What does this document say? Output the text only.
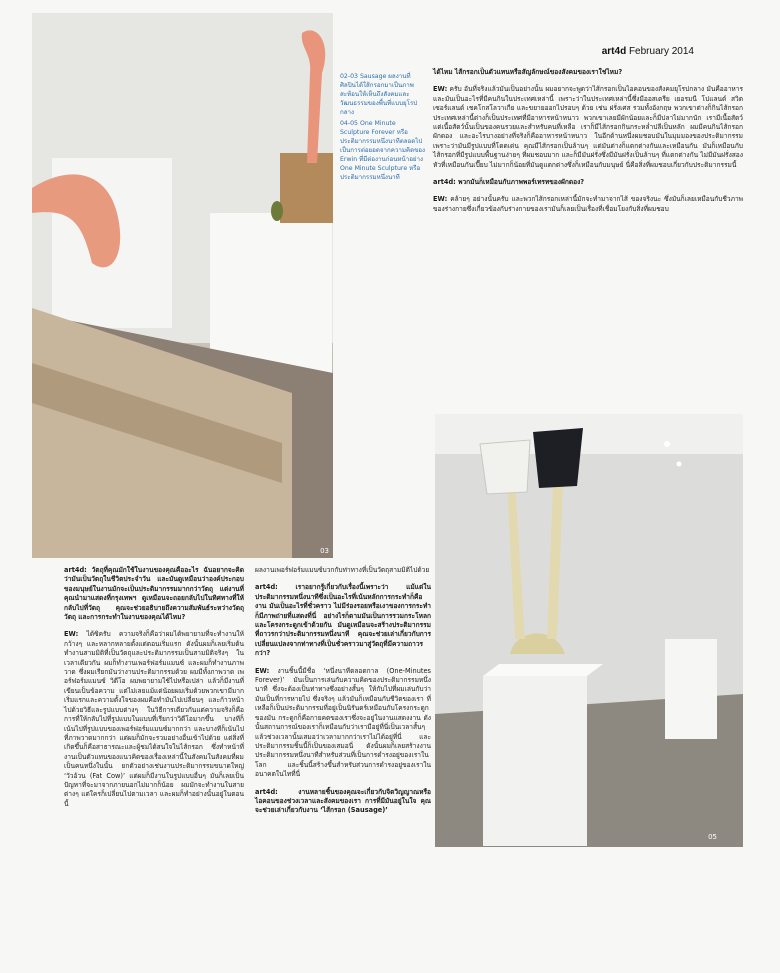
art4d February 2014
03

02-03 Sausage ผลงานที่ศิลปินได้ใส้กรอกมาเป็นภาพสะท้อนให้เห็นถึงสังคมและวัฒนธรรมของพื้นที่แบบยุโรปกลาง

04-05 One Minute Sculpture Forever หรือ ประติมากรรมหนึ่งนาทีตลอดไป เป็นการต่อยอดจากความคิดของ Erwin ที่มีต่องานก่อนหน้าอย่าง One Minute Sculpture หรือ ประติมากรรมหนึ่งนาที

ได้ไหม ไส้กรอกเป็นตัวแทนหรือสัญลักษณ์ของสังคมของเราใช่ไหม?

EW: ครับ อันที่จริงแล้วมันเป็นอย่างนั้น ผมอยากจะพูดว่าไส้กรอกเป็นไอคอนของสังคมยุโรปกลาง มันคืออาหาร และมันเป็นอะไรที่มีคนกินในประเทศเหล่านี้ เพราะว่าในประเทศเหล่านี้ซึ่งมีออสเตรีย เยอรมนี โปแลนด์ สวิตเซอร์แลนด์ เชคโกสโลวาเกีย และขยายออกไปรอบๆ ด้วย เช่น ฝรั่งเศส รวมทั้งอังกฤษ พวกเขาต่างก็กินไส้กรอก ประเทศเหล่านี้ต่างก็เป็นประเทศที่มีอาหารหน้าหนาว พวกเขาเลยมีผักน้อยและก็มีปลาไม่มากนัก เรามีเนื้อสัตว์แต่เนื้อสัตว์นั้นเป็นของคนรวยและสำหรับคนที่เหลือ เราก็มีไส้กรอกกินกระหล่ำปลีเป็นหลัก ผมมีคนกินไส้กรอก ผักดอง และอะไรบางอย่างที่จริงก็คืออาหารหน้าหนาว ในอีกด้านหนึ่งผมชอบมันในมุมมองของประติมากรรม เพราะว่ามันมีรูปแบบที่โดดเด่น คุณมีไส้กรอกเป็นล้านๆ แต่มันต่างก็แตกต่างกันและเหมือนกัน มันก็เหมือนกับไส้กรอกที่มีรูปแบบพื้นฐานง่ายๆ ที่ผมชอบมาก และก็มีมันฝรั่งซึ่งมีมันฝรั่งเป็นล้านๆ ที่แตกต่างกัน ไม่มีมันฝรั่งสองหัวที่เหมือนกันเปี๊ยบ ไม่มากก็น้อยที่มันดูแตกต่างซึ่งก็เหมือนกับมนุษย์ นี่คือสิ่งที่ผมชอบเกี่ยวกับประติมากรรมนี้

art4d: พวกมันก็เหมือนกับภาพพอร์เทรทของผักดอง?

EW: คล้ายๆ อย่างนั้นครับ และพวกไส้กรอกเหล่านี้มักจะทำมาจากไส้ ของจริงนะ ซึ่งมันก็เลยเหมือนกับชีวภาพของร่างกายซึ่งเกี่ยวข้องกับร่างกายของเรามันก็เลยเป็นเรื่องที่เชื่อมโยงกับสิ่งที่ผมชอบ

05

art4d: วัตถุที่คุณมักใช้ในงานของคุณคืออะไร ฉันอยากจะคิดว่ามันเป็นวัตถุในชีวิตประจำวัน และมันดูเหมือนว่าองค์ประกอบของมนุษย์ในงานมักจะเป็นประติมากรรมมากกว่าวัตถุ แต่งานที่คุณนำมาแสดงที่กรุงเทพฯ ดูเหมือนจะถอยกลับไปในทิศทางที่ให้กลับไปที่วัตถุ คุณจะช่วยอธิบายถึงความสัมพันธ์ระหว่างวัตถุ วัตถุ และการกระทำในงานของคุณได้ไหม?

EW: ได้ซิครับ ความจริงก็คือว่าผมได้พยายามที่จะทำงานให้กว้างๆ และหลากหลายตั้งแต่ตอนเริ่มแรก ดังนั้นผมก็เลยเริ่มต้นทำงานสามมิติที่เป็นวัตถุและประติมากรรมเป็นสามมิติจริงๆ ในเวลาเดียวกัน ผมก็ทำงานเพอร์ฟอร์มแมนซ์ และผมก็ทำงานภาพวาด ซึ่งผมเรียกมันว่างานประติมากรรมด้วย ผมมีทั้งภาพวาด เพอร์ฟอร์มแมนซ์ วิดีโอ ผมพยายามใช้ไปหรือเปล่า แล้วก็มีงานที่เขียนเป็นข้อความ แต่ไม่เลยแม้แต่น้อยผมเริ่มด้วยพวกเขามีมากเริ่มแรกและความตั้งใจของผมคือทำมันไปเปลี่ยนๆ และก้าวหน้าไปด้วยวิธีและรูปแบบต่างๆ ในวิธีการเดียวกันแต่ความจริงก็คือการที่ให้กลับไปที่รูปแบบในแบบที่เรียกว่าวิดีโอมากขึ้น บางทีก็เน้นไปที่รูปแบบของเพอร์ฟอร์มแมนซ์มากกว่า และบางทีก็เน้นไปที่ภาพวาดมากกว่า แต่ผมก็มักจะรวมอย่างอื่นเข้าไปด้วย แต่สิ่งที่เกิดขึ้นก็คือสาธารณะและผู้ชมได้สนใจในไส้กรอก ซึ่งทำหน้าที่งานเป็นตัวแทนของแนวคิดของเรื่องเหล่านี้ในสังคมในสังคมที่ผมเป็นคนหนึ่งในนั้น ยกตัวอย่างเช่นงานประติมากรรมขนาดใหญ่ ‘วัวอ้วน (Fat Cow)’ แต่ผมก็มีงานในรูปแบบอื่นๆ มันก็เลยเป็นปัญหาที่จะมาจากภายนอกไม่มากก็น้อย ผมมักจะทำงานในสายต่างๆ แต่ใครก็เปลี่ยนไปตามเวลา และผมก็ทำอย่างนั้นอยู่ในตอนนี้

ผลงานเพอร์ฟอร์มแมนซ์บวกกับท่าทางที่เป็นวัตถุสามมิติไปด้วย

art4d: เราอยากรู้เกี่ยวกับเรื่องนี้เพราะว่า แม้แต่ในประติมากรรมหนึ่งนาทีซึ่งเป็นอะไรที่เน้นหลักการกระทำก็คืองาน มันเป็นอะไรที่ชั่วคราว ไม่มีร่องรอยหรือเงาของการกระทำ ก็มีภาพถ่ายที่แสดงที่นี่ อย่างไรก็ตามมันเป็นการรวมกระโหลกและโครงกระดูกเข้าด้วยกัน มันดูเหมือนจะสร้างประติมากรรมที่ถาวรกว่าประติมากรรมหนึ่งนาที คุณจะช่วยเล่าเกี่ยวกับการเปลี่ยนแปลงจากท่าทางที่เป็นชั่วคราวมาสู่วัตถุที่มีความถาวรกว่า?

EW: งานชิ้นนี้มีชื่อ ‘หนึ่งนาทีตลอดกาล (One-Minutes Forever)’ มันเป็นการเล่นกับความคิดของประติมากรรมหนึ่งนาที ซึ่งจะต้องเป็นท่าทางซึ่งอย่างสั้นๆ ให้กับไปที่ผมเล่นกับว่ามันเป็นที่การหายไป ซึ่งจริงๆ แล้วมันก็เหมือนกับชีวิตของเรา ที่เหลือก็เป็นประติมากรรมที่อยู่เป็นนิรันดร์เหมือนกับโครงกระดูกของมัน กระดูกก็คือกายคตของเราซึ่งจะอยู่ในงานแสดงงาน ดังนั้นสถานการณ์ของเราก็เหมือนกับว่าเรามีอยู่ที่นี่เป็นเวลาสั้นๆ แล้วช่วงเวลานั้นเสมอว่าเวลามากกว่าเราไม่ได้อยู่ที่นี่ และประติมากรรมชิ้นนี้ก็เป็นของเสมอนี่ ดังนั้นผมก็เลยสร้างงานประติมากรรมหนึ่งนาทีสำหรับส่วนที่เป็นการดำรงอยู่ของเราในโลก และชิ้นนี้สร้างขึ้นสำหรับส่วนการดำรงอยู่ของเราในอนาคตในไทที่นี่

art4d: งานหลายชิ้นของคุณจะเกี่ยวกับจิตวิญญาณหรือไอคอนของช่วงเวลาและสังคมของเรา การที่มีมันอยู่ในใจ คุณจะช่วยเล่าเกี่ยวกับงาน ‘ไส้กรอก (Sausage)’
